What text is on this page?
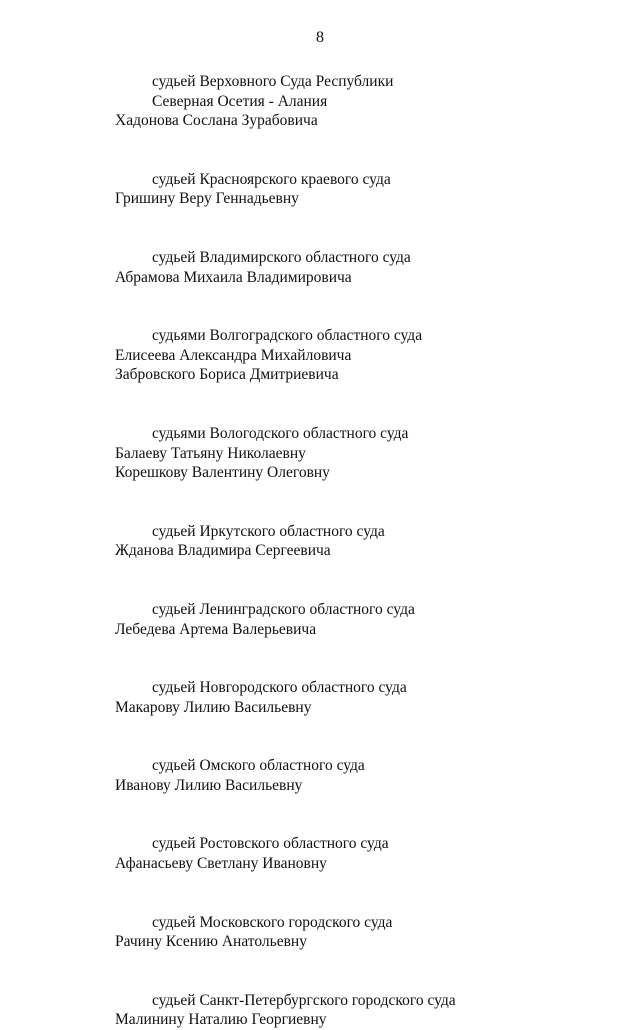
8
судьей Верховного Суда Республики
Северная Осетия - Алания
Хадонова Сослана Зурабовича
судьей Красноярского краевого суда
Гришину Веру Геннадьевну
судьей Владимирского областного суда
Абрамова Михаила Владимировича
судьями Волгоградского областного суда
Елисеева Александра Михайловича
Забровского Бориса Дмитриевича
судьями Вологодского областного суда
Балаеву Татьяну Николаевну
Корешкову Валентину Олеговну
судьей Иркутского областного суда
Жданова Владимира Сергеевича
судьей Ленинградского областного суда
Лебедева Артема Валерьевича
судьей Новгородского областного суда
Макарову Лилию Васильевну
судьей Омского областного суда
Иванову Лилию Васильевну
судьей Ростовского областного суда
Афанасьеву Светлану Ивановну
судьей Московского городского суда
Рачину Ксению Анатольевну
судьей Санкт-Петербургского городского суда
Малинину Наталию Георгиевну
